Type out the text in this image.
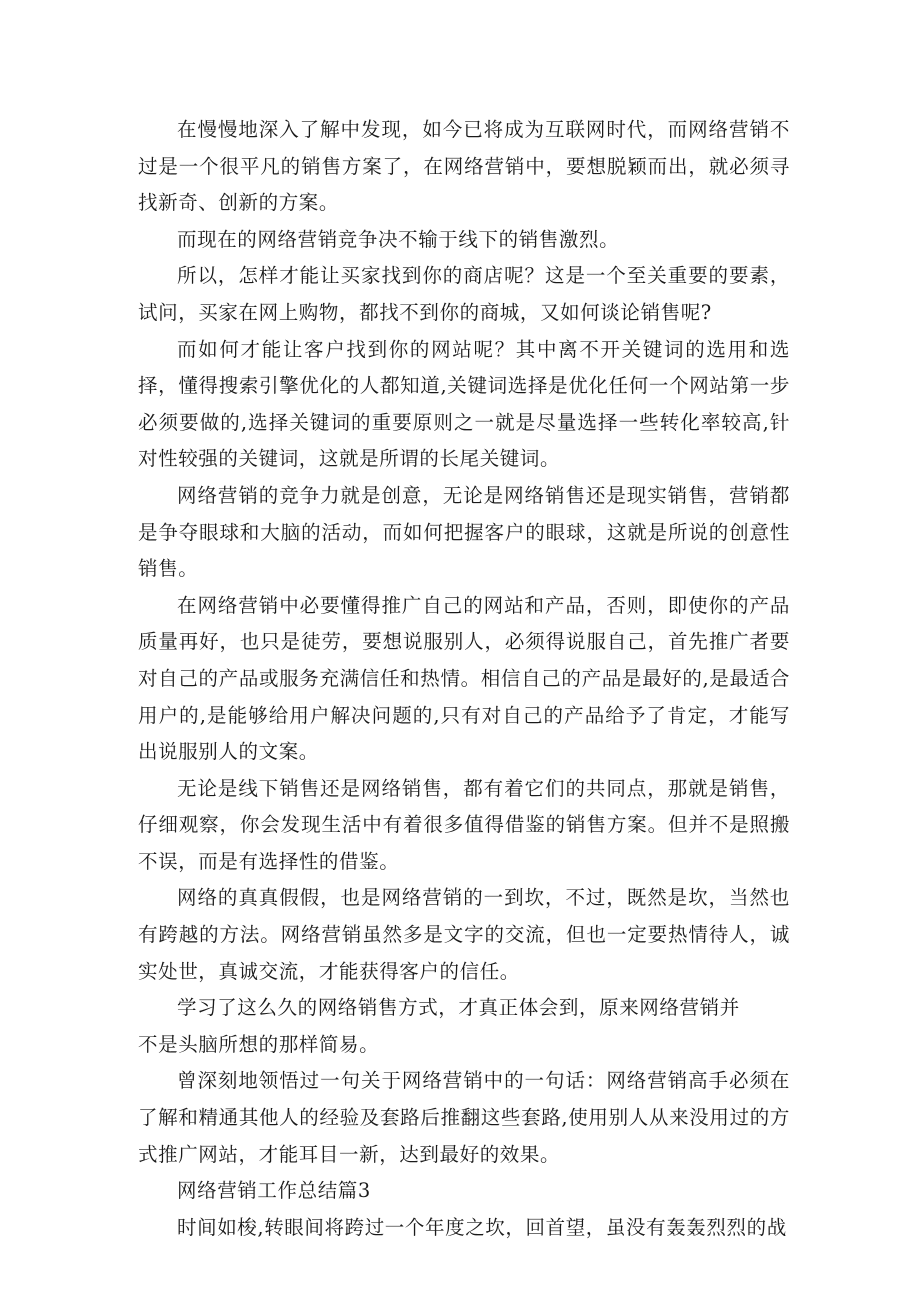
在慢慢地深入了解中发现，如今已将成为互联网时代，而网络营销不过是一个很平凡的销售方案了，在网络营销中，要想脱颖而出，就必须寻找新奇、创新的方案。

而现在的网络营销竞争决不输于线下的销售激烈。

所以，怎样才能让买家找到你的商店呢？这是一个至关重要的要素，试问，买家在网上购物，都找不到你的商城，又如何谈论销售呢?

而如何才能让客户找到你的网站呢？其中离不开关键词的选用和选择，懂得搜索引擎优化的人都知道,关键词选择是优化任何一个网站第一步必须要做的,选择关键词的重要原则之一就是尽量选择一些转化率较高,针对性较强的关键词，这就是所谓的长尾关键词。

网络营销的竞争力就是创意，无论是网络销售还是现实销售，营销都是争夺眼球和大脑的活动，而如何把握客户的眼球，这就是所说的创意性销售。

在网络营销中必要懂得推广自己的网站和产品，否则，即使你的产品质量再好，也只是徒劳，要想说服别人，必须得说服自己，首先推广者要对自己的产品或服务充满信任和热情。相信自己的产品是最好的,是最适合用户的,是能够给用户解决问题的,只有对自己的产品给予了肯定，才能写出说服别人的文案。

无论是线下销售还是网络销售，都有着它们的共同点，那就是销售，仔细观察，你会发现生活中有着很多值得借鉴的销售方案。但并不是照搬不误，而是有选择性的借鉴。

网络的真真假假，也是网络营销的一到坎，不过，既然是坎，当然也有跨越的方法。网络营销虽然多是文字的交流，但也一定要热情待人，诚实处世，真诚交流，才能获得客户的信任。

学习了这么久的网络销售方式，才真正体会到，原来网络营销并

不是头脑所想的那样简易。

曾深刻地领悟过一句关于网络营销中的一句话：网络营销高手必须在了解和精通其他人的经验及套路后推翻这些套路,使用别人从来没用过的方式推广网站，才能耳目一新，达到最好的效果。

网络营销工作总结篇3

时间如梭,转眼间将跨过一个年度之坎，回首望，虽没有轰轰烈烈的战
